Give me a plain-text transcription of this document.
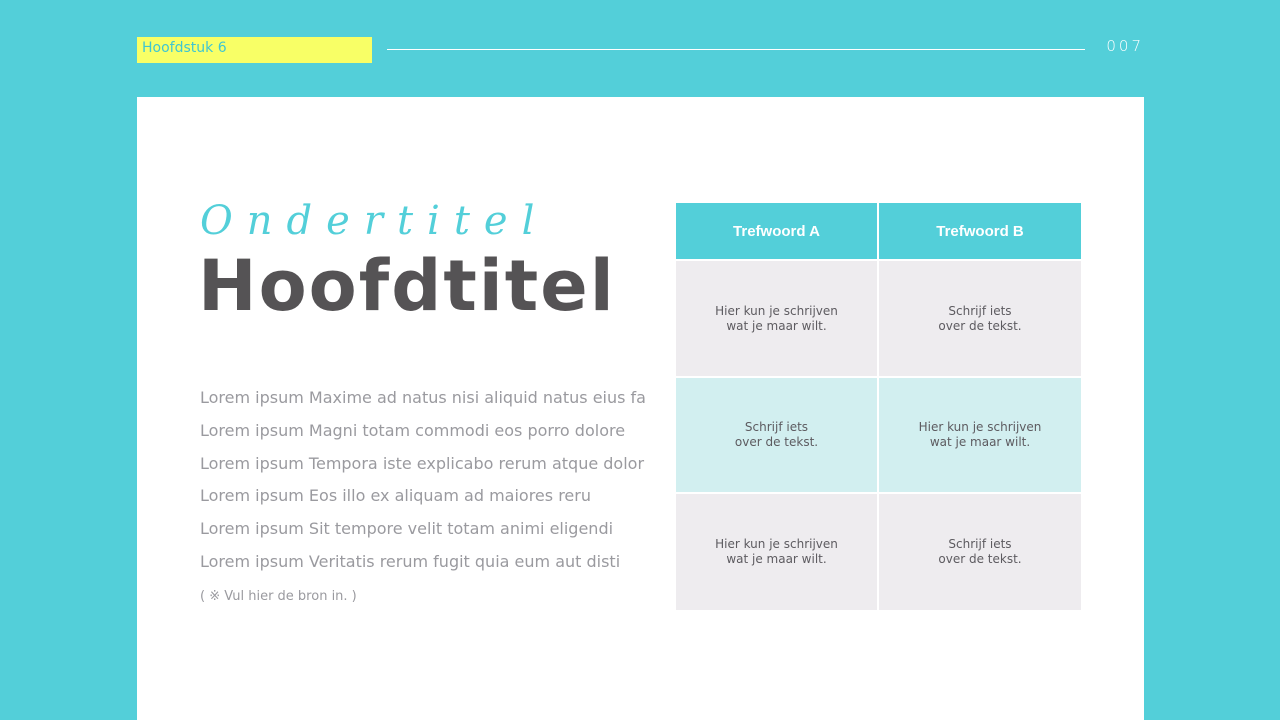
Hoofdstuk 6	007
Ondertitel
Hoofdtitel
Lorem ipsum Maxime ad natus nisi aliquid natus eius fa
Lorem ipsum Magni totam commodi eos porro dolore
Lorem ipsum Tempora iste explicabo rerum atque dolor
Lorem ipsum Eos illo ex aliquam ad maiores reru
Lorem ipsum Sit tempore velit totam animi eligendi
Lorem ipsum Veritatis rerum fugit quia eum aut disti
( ※ Vul hier de bron in. )
Trefwoord A	Trefwoord B
Hier kun je schrijven
wat je maar wilt.
Schrijf iets
over de tekst.
Schrijf iets
over de tekst.
Hier kun je schrijven
wat je maar wilt.
Hier kun je schrijven
wat je maar wilt.
Schrijf iets
over de tekst.
